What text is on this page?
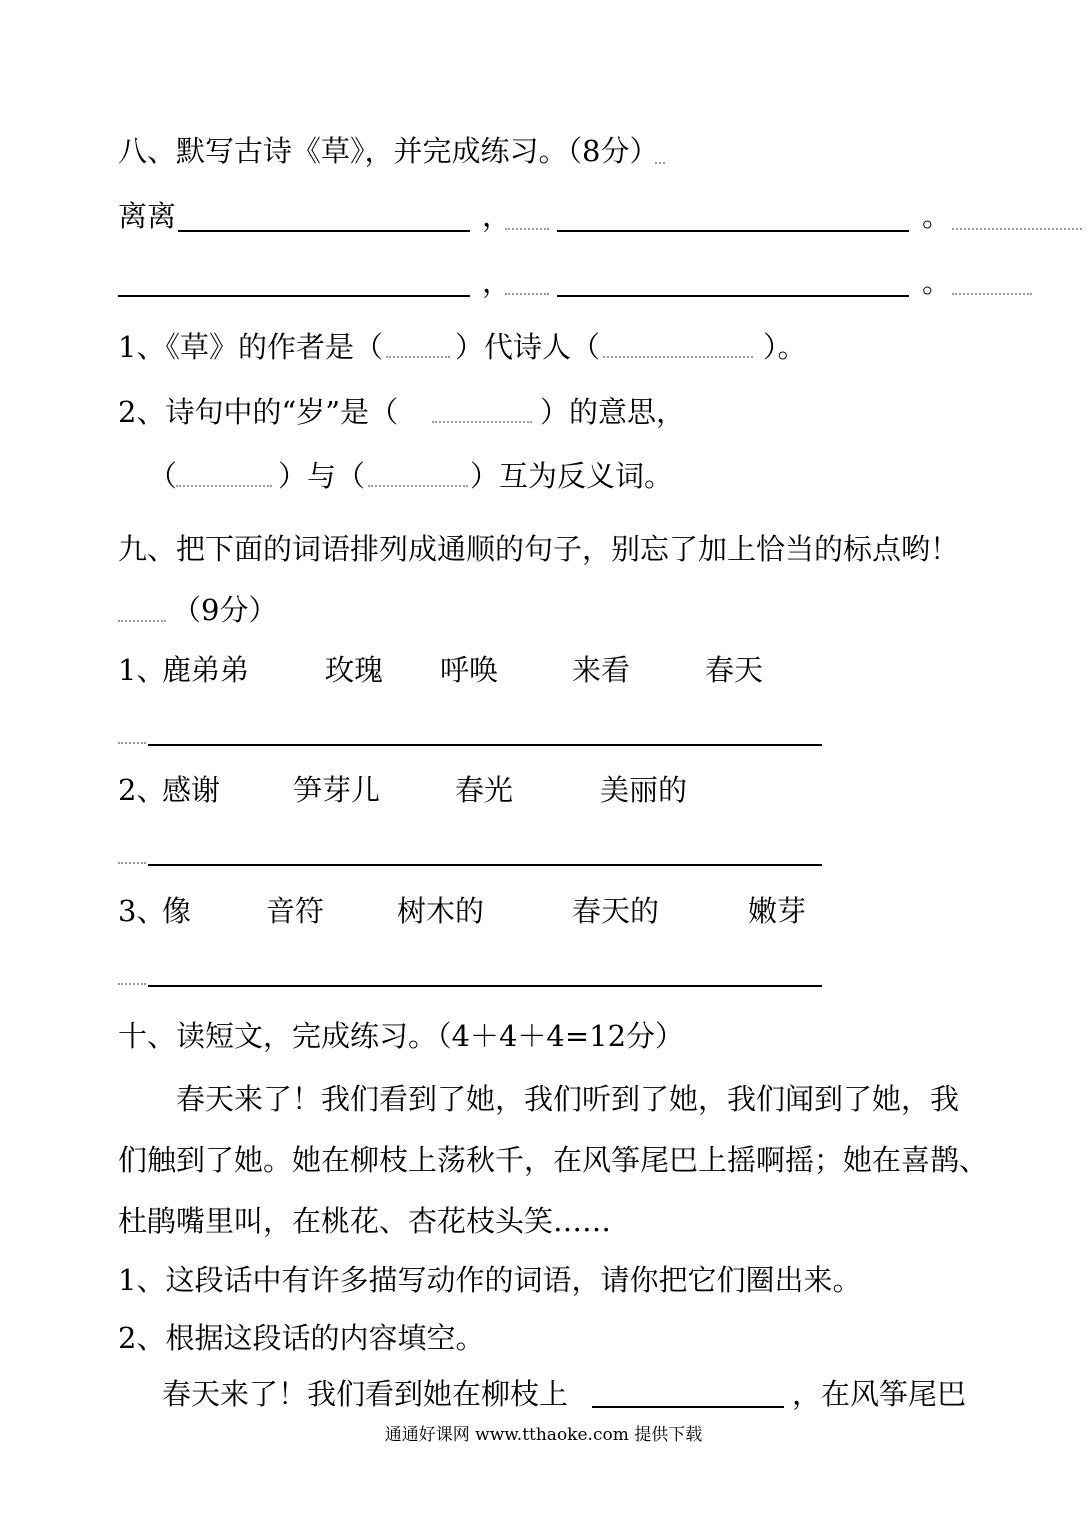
八、默写古诗《草》，并完成练习。（8分）
离离	，	。
，	。
1、《草》的作者是（ ）代诗人（	）。
2、诗句中的“岁”是（	）的意思，
（	）与（	）互为反义词。
九、把下面的词语排列成通顺的句子，别忘了加上恰当的标点哟！
（9分）
1、
鹿弟弟	玫瑰 呼唤	来看	春天
2、
感谢	笋芽儿	春光	美丽的
3、
像	音符	树木的	春天的	嫩芽
十、读短文，完成练习。（4＋4＋4=12分）
春天来了！我们看到了她，我们听到了她，我们闻到了她，我
们触到了她。她在柳枝上荡秋千，在风筝尾巴上摇啊摇；她在喜鹊、
杜鹃嘴里叫，在桃花、杏花枝头笑……
1、这段话中有许多描写动作的词语，请你把它们圈出来。
2、根据这段话的内容填空。
春天来了！我们看到她在柳枝上	，在风筝尾巴
通通好课网 www.tthaoke.com 提供下载
